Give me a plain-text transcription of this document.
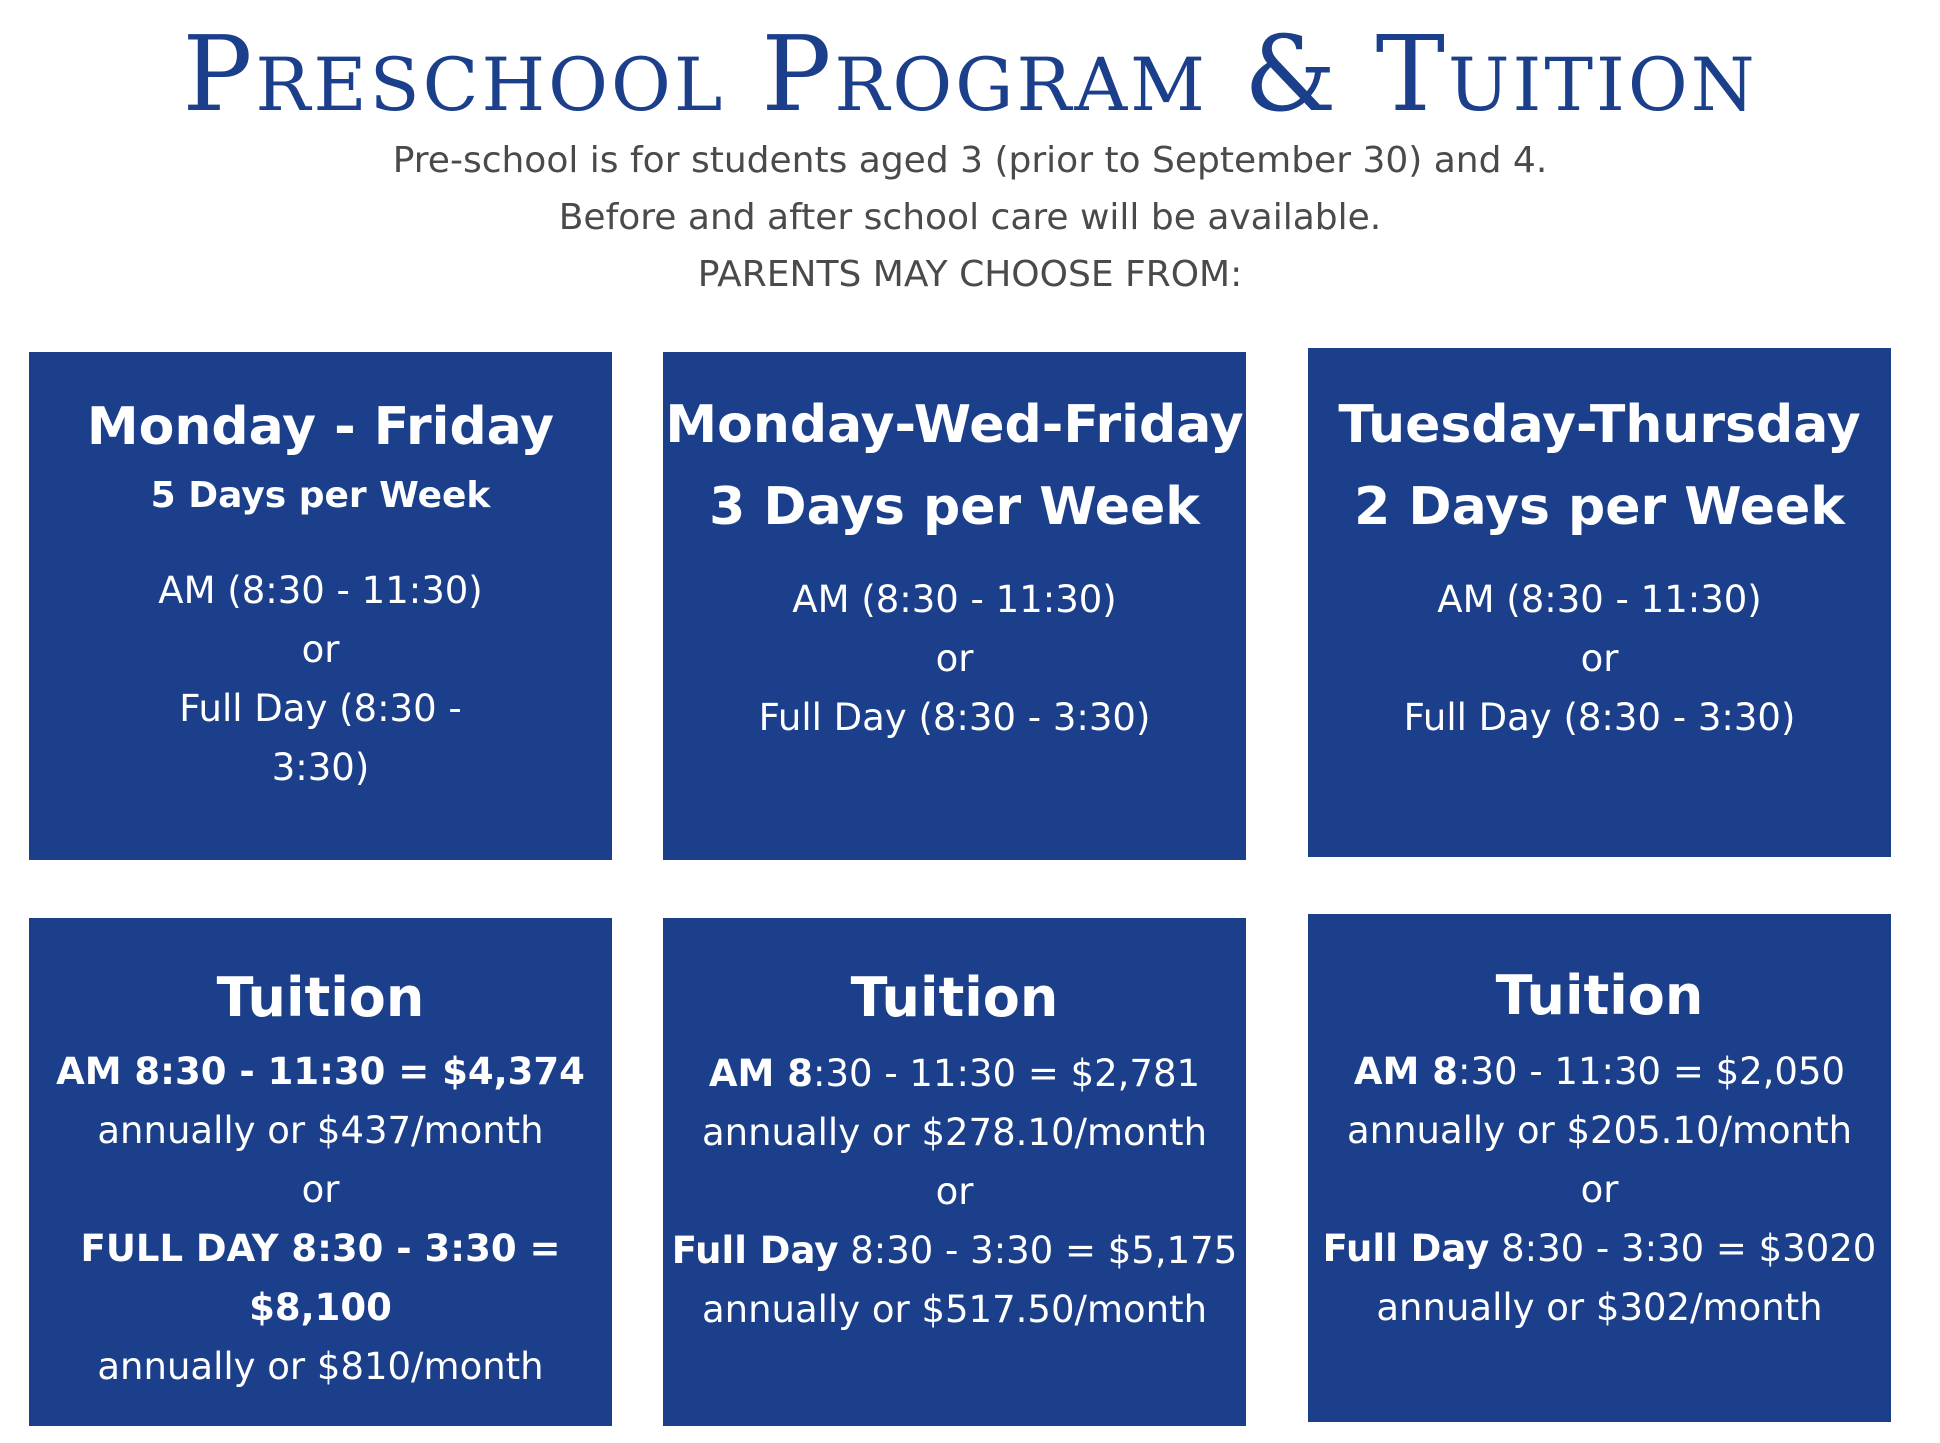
Preschool Program & Tuition
Pre-school is for students aged 3 (prior to September 30) and 4.
Before and after school care will be available.
PARENTS MAY CHOOSE FROM:
Monday - Friday
5 Days per Week
AM (8:30 - 11:30)
or
Full Day (8:30 -
3:30)
Monday-Wed-Friday
3 Days per Week
AM (8:30 - 11:30)
or
Full Day (8:30 - 3:30)
Tuesday-Thursday
2 Days per Week
AM (8:30 - 11:30)
or
Full Day (8:30 - 3:30)
Tuition
AM 8:30 - 11:30 = $4,374
annually or $437/month
or
FULL DAY 8:30 - 3:30 =
$8,100
annually or $810/month
Tuition
AM 8:30 - 11:30 = $2,781
annually or $278.10/month
or
Full Day 8:30 - 3:30 = $5,175
annually or $517.50/month
Tuition
AM 8:30 - 11:30 = $2,050
annually or $205.10/month
or
Full Day 8:30 - 3:30 = $3020
annually or $302/month
